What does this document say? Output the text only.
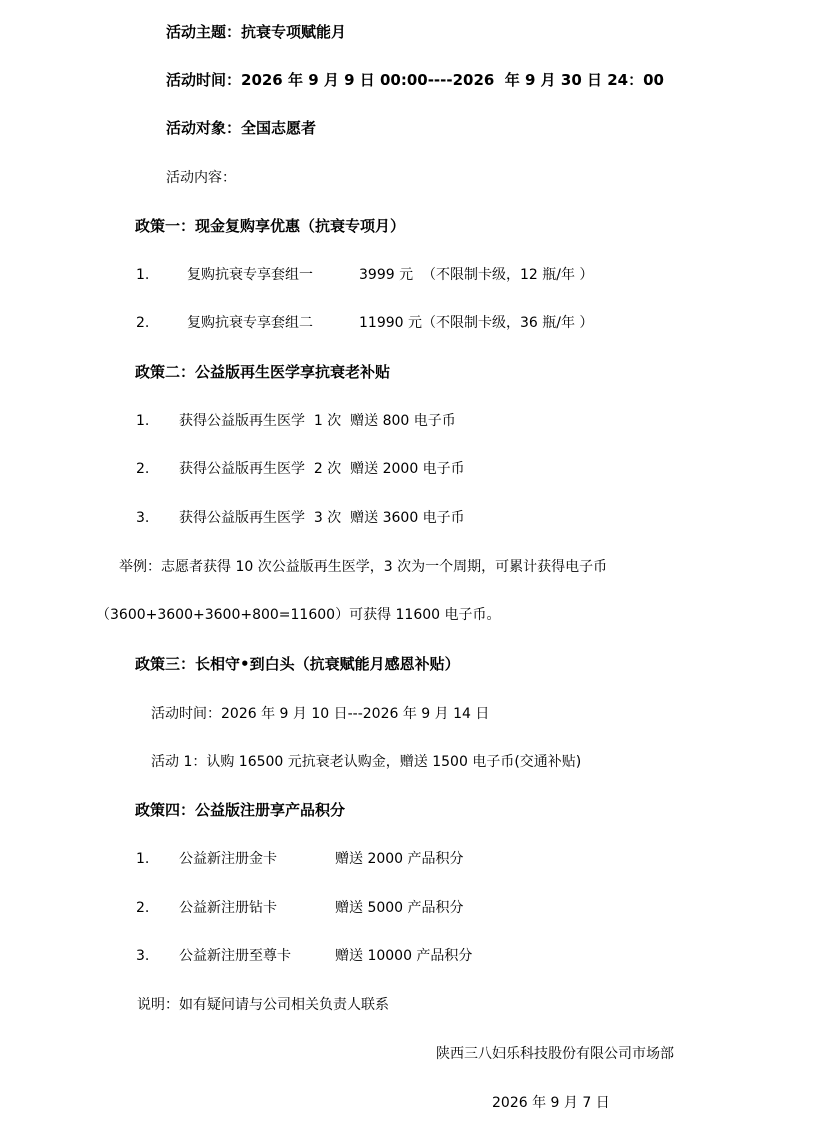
活动主题：抗衰专项赋能月
活动时间：2026 年 9 月 9 日 00:00----2026  年 9 月 30 日 24：00
活动对象：全国志愿者
活动内容：
政策一：现金复购享优惠（抗衰专项月）
1.	复购抗衰专享套组一	3999 元  （不限制卡级，12 瓶/年 ）
2.	复购抗衰专享套组二	11990 元（不限制卡级，36 瓶/年 ）
政策二：公益版再生医学享抗衰老补贴
1. 获得公益版再生医学  1 次  赠送 800 电子币
2. 获得公益版再生医学  2 次  赠送 2000 电子币
3. 获得公益版再生医学  3 次  赠送 3600 电子币
举例：志愿者获得 10 次公益版再生医学，3 次为一个周期，可累计获得电子币
（3600+3600+3600+800=11600）可获得 11600 电子币。
政策三：长相守•到白头（抗衰赋能月感恩补贴）
活动时间：2026 年 9 月 10 日---2026 年 9 月 14 日
活动 1：认购 16500 元抗衰老认购金，赠送 1500 电子币(交通补贴)
政策四：公益版注册享产品积分
1. 公益新注册金卡	赠送 2000 产品积分
2. 公益新注册钻卡	赠送 5000 产品积分
3. 公益新注册至尊卡	赠送 10000 产品积分
说明：如有疑问请与公司相关负责人联系
陕西三八妇乐科技股份有限公司市场部
2026 年 9 月 7 日
